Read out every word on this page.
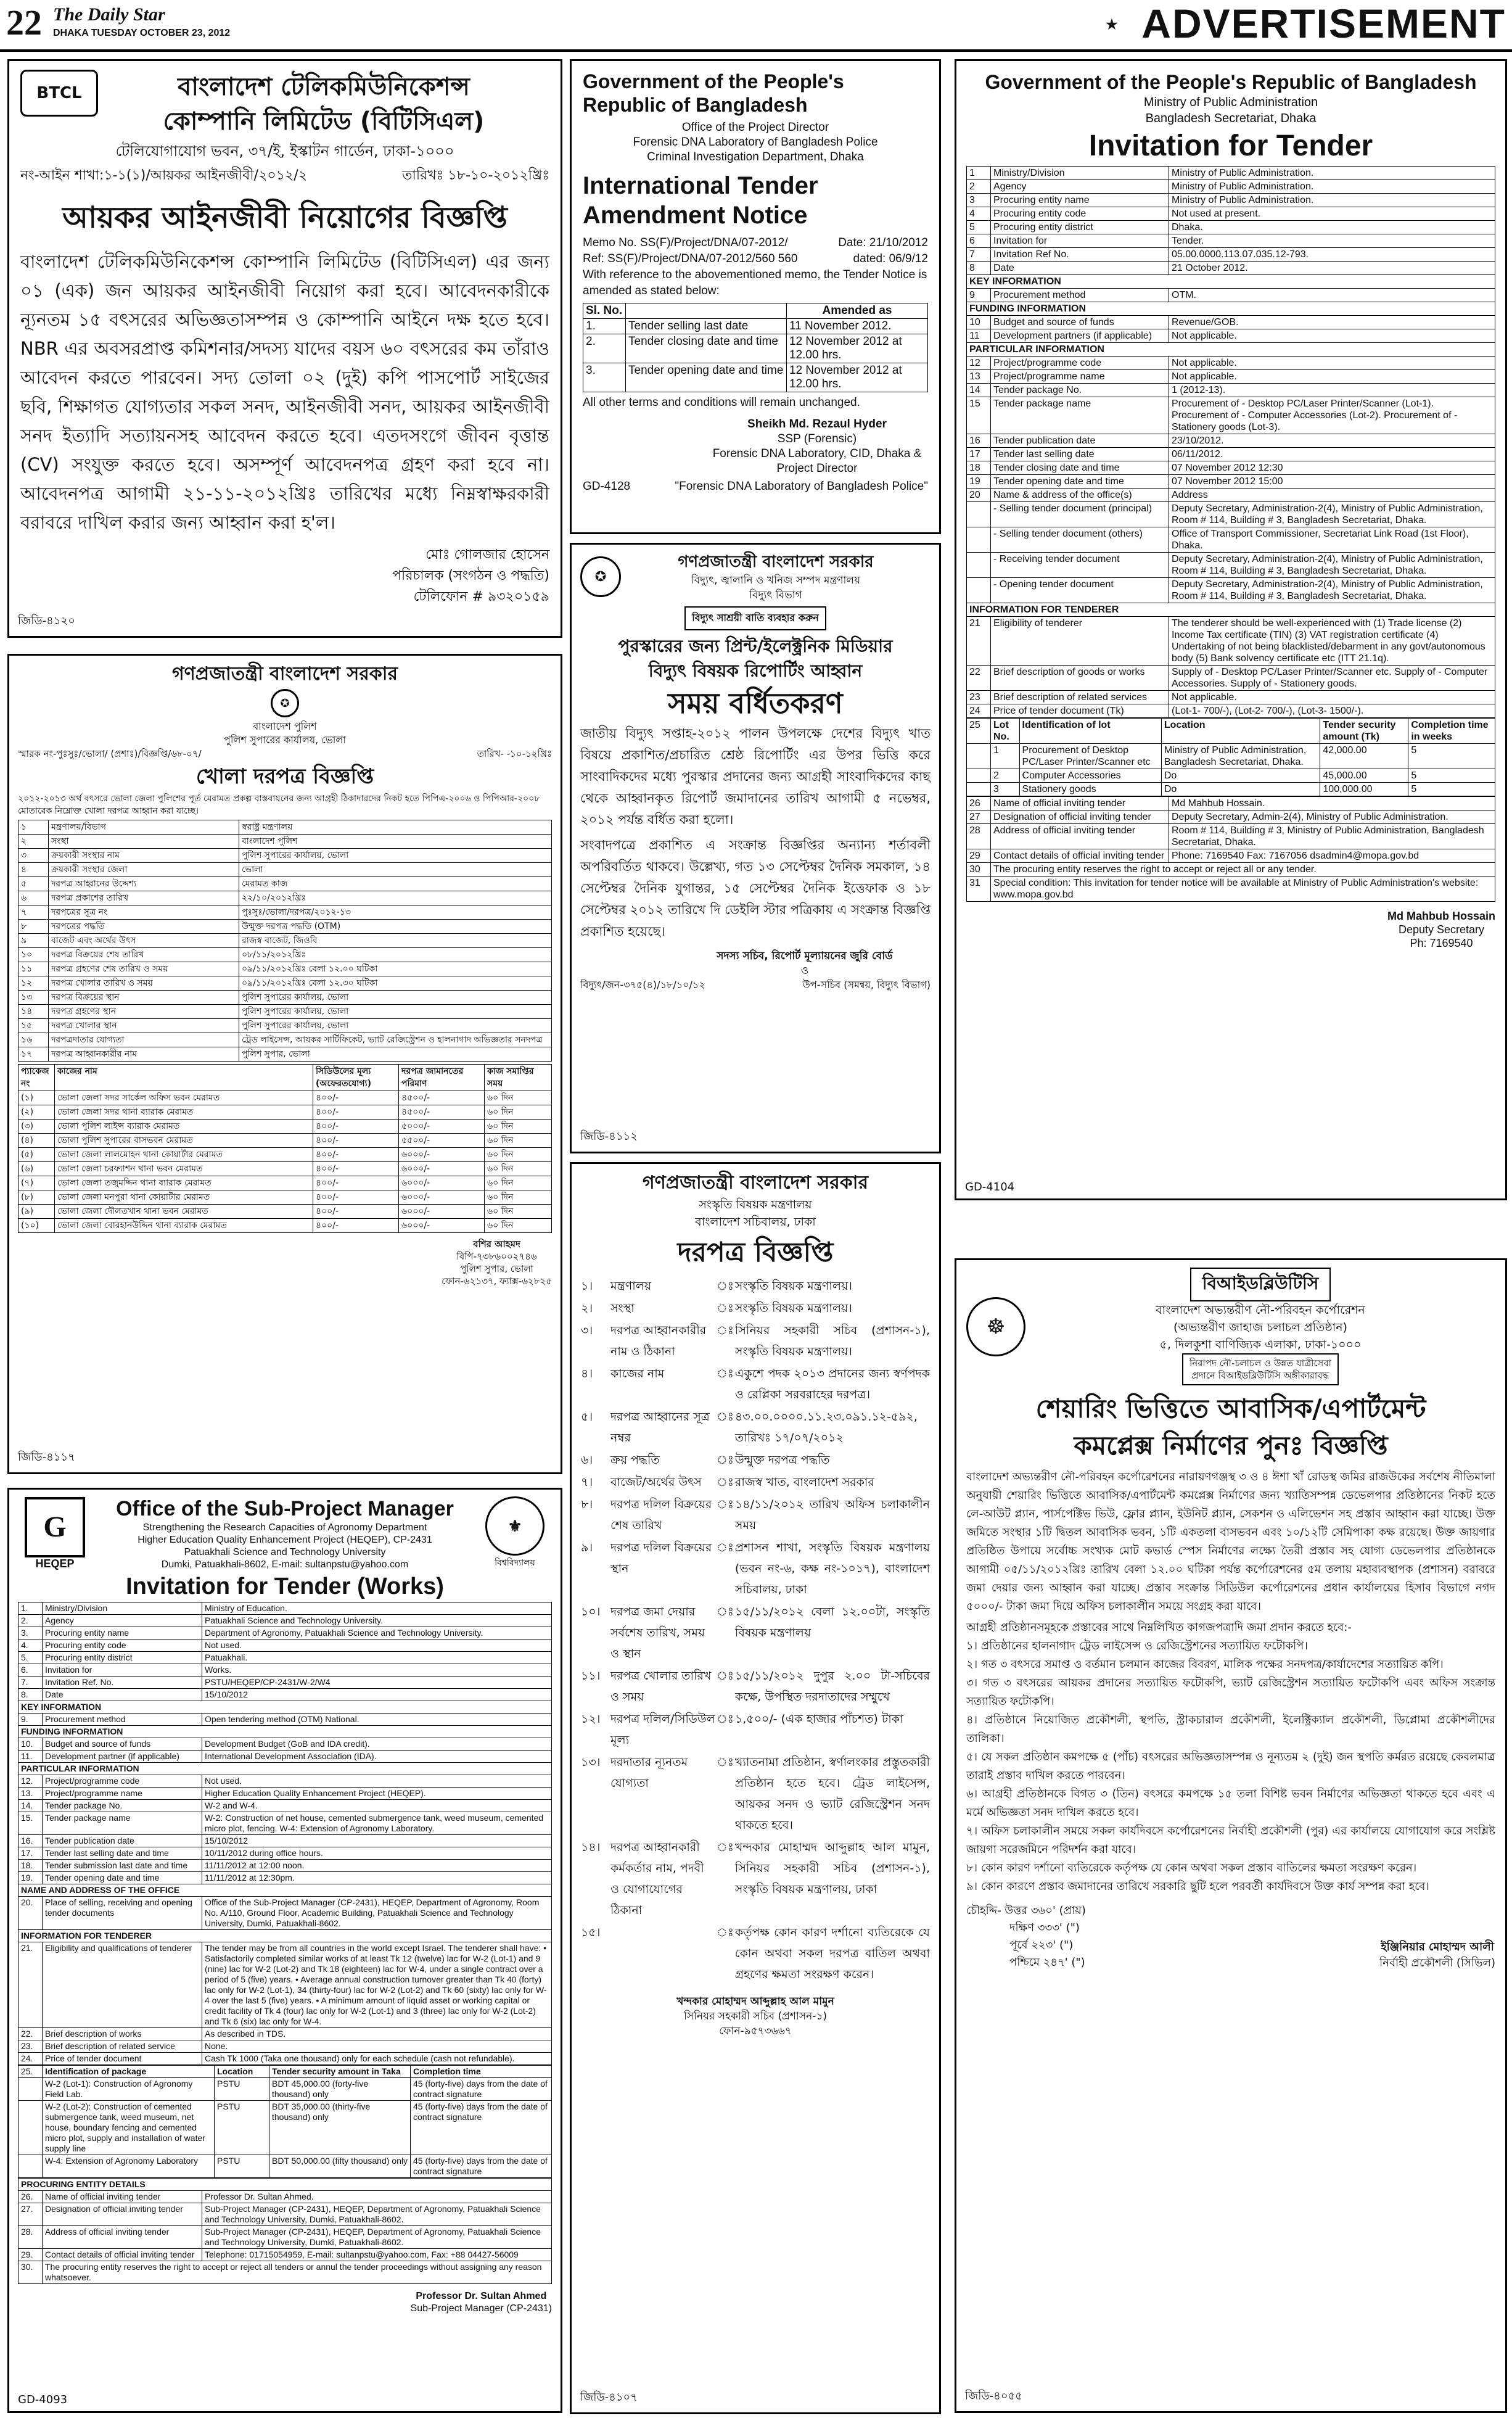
22 The Daily Star
DHAKA TUESDAY OCTOBER 23, 2012
★ ADVERTISEMENT
BTCL	বাংলাদেশ টেলিকমিউনিকেশন্স
কোম্পানি লিমিটেড (বিটিসিএল)
টেলিযোগাযোগ ভবন, ৩৭/ই, ইস্কাটন গার্ডেন, ঢাকা-১০০০
নং-আইন শাখা:১-১(১)/আয়কর আইনজীবী/২০১২/২	তারিখঃ ১৮-১০-২০১২খ্রিঃ
আয়কর আইনজীবী নিয়োগের বিজ্ঞপ্তি
বাংলাদেশ টেলিকমিউনিকেশন্স কোম্পানি লিমিটেড (বিটিসিএল) এর জন্য ০১ (এক) জন আয়কর আইনজীবী নিয়োগ করা হবে। আবেদনকারীকে ন্যূনতম ১৫ বৎসরের অভিজ্ঞতাসম্পন্ন ও কোম্পানি আইনে দক্ষ হতে হবে। NBR এর অবসরপ্রাপ্ত কমিশনার/সদস্য যাদের বয়স ৬০ বৎসরের কম তাঁরাও আবেদন করতে পারবেন। সদ্য তোলা ০২ (দুই) কপি পাসপোর্ট সাইজের ছবি, শিক্ষাগত যোগ্যতার সকল সনদ, আইনজীবী সনদ, আয়কর আইনজীবী সনদ ইত্যাদি সত্যায়নসহ আবেদন করতে হবে। এতদসংগে জীবন বৃত্তান্ত (CV) সংযুক্ত করতে হবে। অসম্পূর্ণ আবেদনপত্র গ্রহণ করা হবে না। আবেদনপত্র আগামী ২১-১১-২০১২খ্রিঃ তারিখের মধ্যে নিম্নস্বাক্ষরকারী বরাবরে দাখিল করার জন্য আহ্বান করা হ'ল।
মোঃ গোলজার হোসেন
পরিচালক (সংগঠন ও পদ্ধতি)
টেলিফোন # ৯৩২০১৫৯
জিডি-৪১২০
Government of the People's
Republic of Bangladesh
Office of the Project Director
Forensic DNA Laboratory of Bangladesh Police
Criminal Investigation Department, Dhaka
International Tender
Amendment Notice
Memo No. SS(F)/Project/DNA/07-2012/	Date: 21/10/2012
Ref: SS(F)/Project/DNA/07-2012/560 560	dated: 06/9/12
With reference to the abovementioned memo, the Tender Notice is amended as stated below:
Sl. No.		Amended as
1.	Tender selling last date	11 November 2012.
2.	Tender closing date and time	12 November 2012 at 12.00 hrs.
3.	Tender opening date and time	12 November 2012 at 12.00 hrs.
All other terms and conditions will remain unchanged.
Sheikh Md. Rezaul Hyder
SSP (Forensic)
Forensic DNA Laboratory, CID, Dhaka &
Project Director
GD-4128	"Forensic DNA Laboratory of Bangladesh Police"
Government of the People's Republic of Bangladesh
Ministry of Public Administration
Bangladesh Secretariat, Dhaka
Invitation for Tender
1	Ministry/Division	Ministry of Public Administration.
2	Agency	Ministry of Public Administration.
3	Procuring entity name	Ministry of Public Administration.
4	Procuring entity code	Not used at present.
5	Procuring entity district	Dhaka.
6	Invitation for	Tender.
7	Invitation Ref No.	05.00.0000.113.07.035.12-793.
8	Date	21 October 2012.
KEY INFORMATION		
9	Procurement method	OTM.
FUNDING INFORMATION		
10	Budget and source of funds	Revenue/GOB.
11	Development partners (if applicable)	Not applicable.
PARTICULAR INFORMATION		
12	Project/programme code	Not applicable.
13	Project/programme name	Not applicable.
14	Tender package No.	1 (2012-13).
15	Tender package name	Procurement of - Desktop PC/Laser Printer/Scanner (Lot-1). Procurement of - Computer Accessories (Lot-2). Procurement of - Stationery goods (Lot-3).
16	Tender publication date	23/10/2012.
17	Tender last selling date	06/11/2012.
18	Tender closing date and time	07 November 2012 12:30
19	Tender opening date and time	07 November 2012 15:00
20	Name & address of the office(s)	Address
	- Selling tender document (principal)	Deputy Secretary, Administration-2(4), Ministry of Public Administration, Room # 114, Building # 3, Bangladesh Secretariat, Dhaka.
	- Selling tender document (others)	Office of Transport Commissioner, Secretariat Link Road (1st Floor), Dhaka.
	- Receiving tender document	Deputy Secretary, Administration-2(4), Ministry of Public Administration, Room # 114, Building # 3, Bangladesh Secretariat, Dhaka.
	- Opening tender document	Deputy Secretary, Administration-2(4), Ministry of Public Administration, Room # 114, Building # 3, Bangladesh Secretariat, Dhaka.
INFORMATION FOR TENDERER		
21	Eligibility of tenderer	The tenderer should be well-experienced with (1) Trade license (2) Income Tax certificate (TIN) (3) VAT registration certificate (4) Undertaking of not being blacklisted/debarment in any govt/autonomous body (5) Bank solvency certificate etc (ITT 21.1q).
22	Brief description of goods or works	Supply of - Desktop PC/Laser Printer/Scanner etc. Supply of - Computer Accessories. Supply of - Stationery goods.
23	Brief description of related services	Not applicable.
24	Price of tender document (Tk)	(Lot-1- 700/-), (Lot-2- 700/-), (Lot-3- 1500/-).
25	Lot No.	Identification of lot	Location	Tender security amount (Tk)	Completion time in weeks
	1	Procurement of Desktop PC/Laser Printer/Scanner etc	Ministry of Public Administration, Bangladesh Secretariat, Dhaka.	42,000.00	5
	2	Computer Accessories	Do	45,000.00	5
	3	Stationery goods	Do	100,000.00	5
26	Name of official inviting tender	Md Mahbub Hossain.
27	Designation of official inviting tender	Deputy Secretary, Admin-2(4), Ministry of Public Administration.
28	Address of official inviting tender	Room # 114, Building # 3, Ministry of Public Administration, Bangladesh Secretariat, Dhaka.
29	Contact details of official inviting tender	Phone: 7169540 Fax: 7167056 dsadmin4@mopa.gov.bd
30	The procuring entity reserves the right to accept or reject all or any tender.	
31	Special condition: This invitation for tender notice will be available at Ministry of Public Administration's website: www.mopa.gov.bd	
Md Mahbub Hossain
Deputy Secretary
Ph: 7169540
GD-4104
গণপ্রজাতন্ত্রী বাংলাদেশ সরকার
✪
বাংলাদেশ পুলিশ
পুলিশ সুপারের কার্যালয়, ভোলা
স্মারক নং-পুঃসুঃ/ভোলা/ (প্রশাঃ)/বিজ্ঞপ্তি/৬৮-০৭/	তারিখ- -১০-১২খ্রিঃ
খোলা দরপত্র বিজ্ঞপ্তি
২০১২-২০১৩ অর্থ বৎসরে ভোলা জেলা পুলিশের পূর্ত মেরামত প্রকল্প বাস্তবায়নের জন্য আগ্রহী ঠিকাদারদের নিকট হতে পিপিএ-২০০৬ ও পিপিআর-২০০৮ মোতাবেক নিম্নোক্ত খোলা দরপত্র আহ্বান করা যাচ্ছে।
১	মন্ত্রণালয়/বিভাগ	স্বরাষ্ট্র মন্ত্রণালয়
২	সংস্থা	বাংলাদেশ পুলিশ
৩	ক্রয়কারী সংস্থার নাম	পুলিশ সুপারের কার্যালয়, ভোলা
৪	ক্রয়কারী সংস্থার জেলা	ভোলা
৫	দরপত্র আহ্বানের উদ্দেশ্য	মেরামত কাজ
৬	দরপত্র প্রকাশের তারিখ	২২/১০/২০১২খ্রিঃ
৭	দরপত্রের সূত্র নং	পুঃসুঃ/ভোলা/দরপত্র/২০১২-১৩
৮	দরপত্রের পদ্ধতি	উন্মুক্ত দরপত্র পদ্ধতি (OTM)
৯	বাজেট এবং অর্থের উৎস	রাজস্ব বাজেট, জিওবি
১০	দরপত্র বিক্রয়ের শেষ তারিখ	০৮/১১/২০১২খ্রিঃ
১১	দরপত্র গ্রহণের শেষ তারিখ ও সময়	০৯/১১/২০১২খ্রিঃ বেলা ১২.০০ ঘটিকা
১২	দরপত্র খোলার তারিখ ও সময়	০৯/১১/২০১২খ্রিঃ বেলা ১২.৩০ ঘটিকা
১৩	দরপত্র বিক্রয়ের স্থান	পুলিশ সুপারের কার্যালয়, ভোলা
১৪	দরপত্র গ্রহণের স্থান	পুলিশ সুপারের কার্যালয়, ভোলা
১৫	দরপত্র খোলার স্থান	পুলিশ সুপারের কার্যালয়, ভোলা
১৬	দরপত্রদাতার যোগ্যতা	ট্রেড লাইসেন্স, আয়কর সার্টিফিকেট, ভ্যাট রেজিস্ট্রেশন ও হালনাগাদ অভিজ্ঞতার সনদপত্র
১৭	দরপত্র আহ্বানকারীর নাম	পুলিশ সুপার, ভোলা
প্যাকেজ নং	কাজের নাম	সিডিউলের মূল্য (অফেরতযোগ্য)	দরপত্র জামানতের পরিমাণ	কাজ সমাপ্তির সময়
(১)	ভোলা জেলা সদর সার্কেল অফিস ভবন মেরামত	৪০০/-	৪৫০০/-	৬০ দিন
(২)	ভোলা জেলা সদর থানা ব্যারাক মেরামত	৪০০/-	৪৫০০/-	৬০ দিন
(৩)	ভোলা পুলিশ লাইন্স ব্যারাক মেরামত	৪০০/-	৫০০০/-	৬০ দিন
(৪)	ভোলা পুলিশ সুপারের বাসভবন মেরামত	৪০০/-	৫৫০০/-	৬০ দিন
(৫)	ভোলা জেলা লালমোহন থানা কোয়ার্টার মেরামত	৪০০/-	৬০০০/-	৬০ দিন
(৬)	ভোলা জেলা চরফ্যাশন থানা ভবন মেরামত	৪০০/-	৬০০০/-	৬০ দিন
(৭)	ভোলা জেলা তজুমদ্দিন থানা ব্যারাক মেরামত	৪০০/-	৬০০০/-	৬০ দিন
(৮)	ভোলা জেলা মনপুরা থানা কোয়ার্টার মেরামত	৪০০/-	৬০০০/-	৬০ দিন
(৯)	ভোলা জেলা দৌলতখান থানা ভবন মেরামত	৪০০/-	৬০০০/-	৬০ দিন
(১০)	ভোলা জেলা বোরহানউদ্দিন থানা ব্যারাক মেরামত	৪০০/-	৬০০০/-	৬০ দিন
বশির আহমদ
বিপি-৭৩৮৬০০২৭৪৬
পুলিশ সুপার, ভোলা
ফোন-৬২১৩৭, ফ্যাক্স-৬২৮২৫
জিডি-৪১১৭
✪
গণপ্রজাতন্ত্রী বাংলাদেশ সরকার
বিদ্যুৎ, জ্বালানি ও খনিজ সম্পদ মন্ত্রণালয়
বিদ্যুৎ বিভাগ
বিদ্যুৎ সাশ্রয়ী বাতি ব্যবহার করুন
পুরস্কারের জন্য প্রিন্ট/ইলেক্ট্রনিক মিডিয়ার
বিদ্যুৎ বিষয়ক রিপোর্টিং আহ্বান
সময় বর্ধিতকরণ
জাতীয় বিদ্যুৎ সপ্তাহ-২০১২ পালন উপলক্ষে দেশের বিদ্যুৎ খাত বিষয়ে প্রকাশিত/প্রচারিত শ্রেষ্ঠ রিপোর্টিং এর উপর ভিত্তি করে সাংবাদিকদের মধ্যে পুরস্কার প্রদানের জন্য আগ্রহী সাংবাদিকদের কাছ থেকে আহ্বানকৃত রিপোর্ট জমাদানের তারিখ আগামী ৫ নভেম্বর, ২০১২ পর্যন্ত বর্ধিত করা হলো।
সংবাদপত্রে প্রকাশিত এ সংক্রান্ত বিজ্ঞপ্তির অন্যান্য শর্তাবলী অপরিবর্তিত থাকবে। উল্লেখ্য, গত ১৩ সেপ্টেম্বর দৈনিক সমকাল, ১৪ সেপ্টেম্বর দৈনিক যুগান্তর, ১৫ সেপ্টেম্বর দৈনিক ইত্তেফাক ও ১৮ সেপ্টেম্বর ২০১২ তারিখে দি ডেইলি স্টার পত্রিকায় এ সংক্রান্ত বিজ্ঞপ্তি প্রকাশিত হয়েছে।
সদস্য সচিব, রিপোর্ট মূল্যায়নের জুরি বোর্ড
ও
বিদ্যুৎ/জন-৩৭৫(৪)/১৮/১০/১২	উপ-সচিব (সমন্বয়, বিদ্যুৎ বিভাগ)
জিডি-৪১১২
গণপ্রজাতন্ত্রী বাংলাদেশ সরকার
সংস্কৃতি বিষয়ক মন্ত্রণালয়
বাংলাদেশ সচিবালয়, ঢাকা
দরপত্র বিজ্ঞপ্তি
১।	মন্ত্রণালয়	ঃ	সংস্কৃতি বিষয়ক মন্ত্রণালয়।
২।	সংস্থা	ঃ	সংস্কৃতি বিষয়ক মন্ত্রণালয়।
৩।	দরপত্র আহ্বানকারীর নাম ও ঠিকানা	ঃ	সিনিয়র সহকারী সচিব (প্রশাসন-১), সংস্কৃতি বিষয়ক মন্ত্রণালয়।
৪।	কাজের নাম	ঃ	একুশে পদক ২০১৩ প্রদানের জন্য স্বর্ণপদক ও রেপ্লিকা সরবরাহের দরপত্র।
৫।	দরপত্র আহ্বানের সূত্র নম্বর	ঃ	৪৩.০০.০০০০.১১.২৩.০৯১.১২-৫৯২, তারিখঃ ১৭/০৭/২০১২
৬।	ক্রয় পদ্ধতি	ঃ	উন্মুক্ত দরপত্র পদ্ধতি
৭।	বাজেট/অর্থের উৎস	ঃ	রাজস্ব খাত, বাংলাদেশ সরকার
৮।	দরপত্র দলিল বিক্রয়ের শেষ তারিখ	ঃ	১৪/১১/২০১২ তারিখ অফিস চলাকালীন সময়
৯।	দরপত্র দলিল বিক্রয়ের স্থান	ঃ	প্রশাসন শাখা, সংস্কৃতি বিষয়ক মন্ত্রণালয় (ভবন নং-৬, কক্ষ নং-১০১৭), বাংলাদেশ সচিবালয়, ঢাকা
১০।	দরপত্র জমা দেয়ার সর্বশেষ তারিখ, সময় ও স্থান	ঃ	১৫/১১/২০১২ বেলা ১২.০০টা, সংস্কৃতি বিষয়ক মন্ত্রণালয়
১১।	দরপত্র খোলার তারিখ ও সময়	ঃ	১৫/১১/২০১২ দুপুর ২.০০ টা-সচিবের কক্ষে, উপস্থিত দরদাতাদের সম্মুখে
১২।	দরপত্র দলিল/সিডিউল মূল্য	ঃ	১,৫০০/- (এক হাজার পাঁচশত) টাকা
১৩।	দরদাতার ন্যূনতম যোগ্যতা	ঃ	খ্যাতনামা প্রতিষ্ঠান, স্বর্ণালংকার প্রস্তুতকারী প্রতিষ্ঠান হতে হবে। ট্রেড লাইসেন্স, আয়কর সনদ ও ভ্যাট রেজিস্ট্রেশন সনদ থাকতে হবে।
১৪।	দরপত্র আহ্বানকারী কর্মকর্তার নাম, পদবী ও যোগাযোগের ঠিকানা	ঃ	খন্দকার মোহাম্মদ আব্দুল্লাহ আল মামুন, সিনিয়র সহকারী সচিব (প্রশাসন-১), সংস্কৃতি বিষয়ক মন্ত্রণালয়, ঢাকা
১৫।		ঃ	কর্তৃপক্ষ কোন কারণ দর্শানো ব্যতিরেকে যে কোন অথবা সকল দরপত্র বাতিল অথবা গ্রহণের ক্ষমতা সংরক্ষণ করেন।
খন্দকার মোহাম্মদ আব্দুল্লাহ আল মামুন
সিনিয়র সহকারী সচিব (প্রশাসন-১)
ফোন-৯৫৭৩৬৬৭
জিডি-৪১০৭
G
HEQEP
Office of the Sub-Project Manager
Strengthening the Research Capacities of Agronomy Department
Higher Education Quality Enhancement Project (HEQEP), CP-2431
Patuakhali Science and Technology University
Dumki, Patuakhali-8602, E-mail: sultanpstu@yahoo.com
⚜
বিশ্ববিদ্যালয়
Invitation for Tender (Works)
1.	Ministry/Division	Ministry of Education.
2.	Agency	Patuakhali Science and Technology University.
3.	Procuring entity name	Department of Agronomy, Patuakhali Science and Technology University.
4.	Procuring entity code	Not used.
5.	Procuring entity district	Patuakhali.
6.	Invitation for	Works.
7.	Invitation Ref. No.	PSTU/HEQEP/CP-2431/W-2/W4
8.	Date	15/10/2012
KEY INFORMATION		
9.	Procurement method	Open tendering method (OTM) National.
FUNDING INFORMATION		
10.	Budget and source of funds	Development Budget (GoB and IDA credit).
11.	Development partner (if applicable)	International Development Association (IDA).
PARTICULAR INFORMATION		
12.	Project/programme code	Not used.
13.	Project/programme name	Higher Education Quality Enhancement Project (HEQEP).
14.	Tender package No.	W-2 and W-4.
15.	Tender package name	W-2: Construction of net house, cemented submergence tank, weed museum, cemented micro plot, fencing. W-4: Extension of Agronomy Laboratory.
16.	Tender publication date	15/10/2012
17.	Tender last selling date and time	10/11/2012 during office hours.
18.	Tender submission last date and time	11/11/2012 at 12:00 noon.
19.	Tender opening date and time	11/11/2012 at 12:30pm.
NAME AND ADDRESS OF THE OFFICE		
20.	Place of selling, receiving and opening tender documents	Office of the Sub-Project Manager (CP-2431), HEQEP, Department of Agronomy, Room No. A/110, Ground Floor, Academic Building, Patuakhali Science and Technology University, Dumki, Patuakhali-8602.
INFORMATION FOR TENDERER		
21.	Eligibility and qualifications of tenderer	The tender may be from all countries in the world except Israel. The tenderer shall have: • Satisfactorily completed similar works of at least Tk 12 (twelve) lac for W-2 (Lot-1) and 9 (nine) lac for W-2 (Lot-2) and Tk 18 (eighteen) lac for W-4, under a single contract over a period of 5 (five) years. • Average annual construction turnover greater than Tk 40 (forty) lac only for W-2 (Lot-1), 34 (thirty-four) lac for W-2 (Lot-2) and Tk 60 (sixty) lac only for W-4 over the last 5 (five) years. • A minimum amount of liquid asset or working capital or credit facility of Tk 4 (four) lac only for W-2 (Lot-1) and 3 (three) lac only for W-2 (Lot-2) and Tk 6 (six) lac only for W-4.
22.	Brief description of works	As described in TDS.
23.	Brief description of related service	None.
24.	Price of tender document	Cash Tk 1000 (Taka one thousand) only for each schedule (cash not refundable).
25.	Identification of package	Location	Tender security amount in Taka	Completion time
	W-2 (Lot-1): Construction of Agronomy Field Lab.	PSTU	BDT 45,000.00 (forty-five thousand) only	45 (forty-five) days from the date of contract signature
	W-2 (Lot-2): Construction of cemented submergence tank, weed museum, net house, boundary fencing and cemented micro plot, supply and installation of water supply line	PSTU	BDT 35,000.00 (thirty-five thousand) only	45 (forty-five) days from the date of contract signature
	W-4: Extension of Agronomy Laboratory	PSTU	BDT 50,000.00 (fifty thousand) only	45 (forty-five) days from the date of contract signature
PROCURING ENTITY DETAILS		
26.	Name of official inviting tender	Professor Dr. Sultan Ahmed.
27.	Designation of official inviting tender	Sub-Project Manager (CP-2431), HEQEP, Department of Agronomy, Patuakhali Science and Technology University, Dumki, Patuakhali-8602.
28.	Address of official inviting tender	Sub-Project Manager (CP-2431), HEQEP, Department of Agronomy, Patuakhali Science and Technology University, Dumki, Patuakhali-8602.
29.	Contact details of official inviting tender	Telephone: 01715054959, E-mail: sultanpstu@yahoo.com, Fax: +88 04427-56009
30.	The procuring entity reserves the right to accept or reject all tenders or annul the tender proceedings without assigning any reason whatsoever.	
Professor Dr. Sultan Ahmed
Sub-Project Manager (CP-2431)
GD-4093
☸
বিআইডব্লিউটিসি
বাংলাদেশ অভ্যন্তরীণ নৌ-পরিবহন কর্পোরেশন
(অভ্যন্তরীণ জাহাজ চলাচল প্রতিষ্ঠান)
৫, দিলকুশা বাণিজ্যিক এলাকা, ঢাকা-১০০০
নিরাপদ নৌ-চলাচল ও উন্নত যাত্রীসেবা
প্রদানে বিআইডব্লিউটিসি অঙ্গীকারাবদ্ধ
শেয়ারিং ভিত্তিতে আবাসিক/এপার্টমেন্ট
কমপ্লেক্স নির্মাণের পুনঃ বিজ্ঞপ্তি
বাংলাদেশ অভ্যন্তরীণ নৌ-পরিবহন কর্পোরেশনের নারায়ণগঞ্জস্থ ৩ ও ৪ ঈশা খাঁ রোডস্থ জমির রাজউকের সর্বশেষ নীতিমালা অনুযায়ী শেয়ারিং ভিত্তিতে আবাসিক/এপার্টমেন্ট কমপ্লেক্স নির্মাণের জন্য খ্যাতিসম্পন্ন ডেভেলপার প্রতিষ্ঠানের নিকট হতে লে-আউট প্ল্যান, পার্সপেক্টিভ ভিউ, ফ্লোর প্ল্যান, ইউনিট প্ল্যান, সেকশন ও এলিভেশন সহ প্রস্তাব আহ্বান করা যাচ্ছে। উক্ত জমিতে সংস্থার ১টি দ্বিতল আবাসিক ভবন, ১টি একতলা বাসভবন এবং ১০/১২টি সেমিপাকা কক্ষ রয়েছে। উক্ত জায়গার প্রতিষ্ঠিত উপায়ে সর্বোচ্চ সংখ্যক মোট কভার্ড স্পেস নির্মাণের লক্ষ্যে তৈরী প্রস্তাব সহ যোগ্য ডেভেলপার প্রতিষ্ঠানকে আগামী ০৫/১১/২০১২খ্রিঃ তারিখ বেলা ১২.০০ ঘটিকা পর্যন্ত কর্পোরেশনের ৫ম তলায় মহাব্যবস্থাপক (প্রশাসন) বরাবরে জমা দেয়ার জন্য আহ্বান করা যাচ্ছে। প্রস্তাব সংক্রান্ত সিডিউল কর্পোরেশনের প্রধান কার্যালয়ের হিসাব বিভাগে নগদ ৫০০০/- টাকা জমা দিয়ে অফিস চলাকালীন সময়ে সংগ্রহ করা যাবে।
আগ্রহী প্রতিষ্ঠানসমূহকে প্রস্তাবের সাথে নিম্নলিখিত কাগজপত্রাদি জমা প্রদান করতে হবে:-
১। প্রতিষ্ঠানের হালনাগাদ ট্রেড লাইসেন্স ও রেজিস্ট্রেশনের সত্যায়িত ফটোকপি।
২। গত ৩ বৎসরে সমাপ্ত ও বর্তমান চলমান কাজের বিবরণ, মালিক পক্ষের সনদপত্র/কার্যাদেশের সত্যায়িত কপি।
৩। গত ৩ বৎসরের আয়কর প্রদানের সত্যায়িত ফটোকপি, ভ্যাট রেজিস্ট্রেশন সত্যায়িত ফটোকপি এবং অফিস সংক্রান্ত সত্যায়িত ফটোকপি।
৪। প্রতিষ্ঠানে নিয়োজিত প্রকৌশলী, স্থপতি, স্ট্রাকচারাল প্রকৌশলী, ইলেক্ট্রিক্যাল প্রকৌশলী, ডিপ্লোমা প্রকৌশলীদের তালিকা।
৫। যে সকল প্রতিষ্ঠান কমপক্ষে ৫ (পাঁচ) বৎসরের অভিজ্ঞতাসম্পন্ন ও নূন্যতম ২ (দুই) জন স্থপতি কর্মরত রয়েছে কেবলমাত্র তারাই প্রস্তাব দাখিল করতে পারবেন।
৬। আগ্রহী প্রতিষ্ঠানকে বিগত ৩ (তিন) বৎসরে কমপক্ষে ১৫ তলা বিশিষ্ট ভবন নির্মাণের অভিজ্ঞতা থাকতে হবে এবং এ মর্মে অভিজ্ঞতা সনদ দাখিল করতে হবে।
৭। অফিস চলাকালীন সময়ে সকল কার্যদিবসে কর্পোরেশনের নির্বাহী প্রকৌশলী (পুর) এর কার্যালয়ে যোগাযোগ করে সংশ্লিষ্ট জায়গা সরেজমিনে পরিদর্শন করা যাবে।
৮। কোন কারণ দর্শানো ব্যতিরেকে কর্তৃপক্ষ যে কোন অথবা সকল প্রস্তাব বাতিলের ক্ষমতা সংরক্ষণ করেন।
৯। কোন কারণে প্রস্তাব জমাদানের তারিখে সরকারি ছুটি হলে পরবর্তী কার্যদিবসে উক্ত কার্য সম্পন্ন করা হবে।
চৌহদ্দি- উত্তর ৩৬০' (প্রায়)
দক্ষিণ ৩৩৩' (")
পূর্বে ২২৩' (")
পশ্চিমে ২৪৭' (")
ইঞ্জিনিয়ার মোহাম্মদ আলী
নির্বাহী প্রকৌশলী (সিভিল)
জিডি-৪০৫৫
